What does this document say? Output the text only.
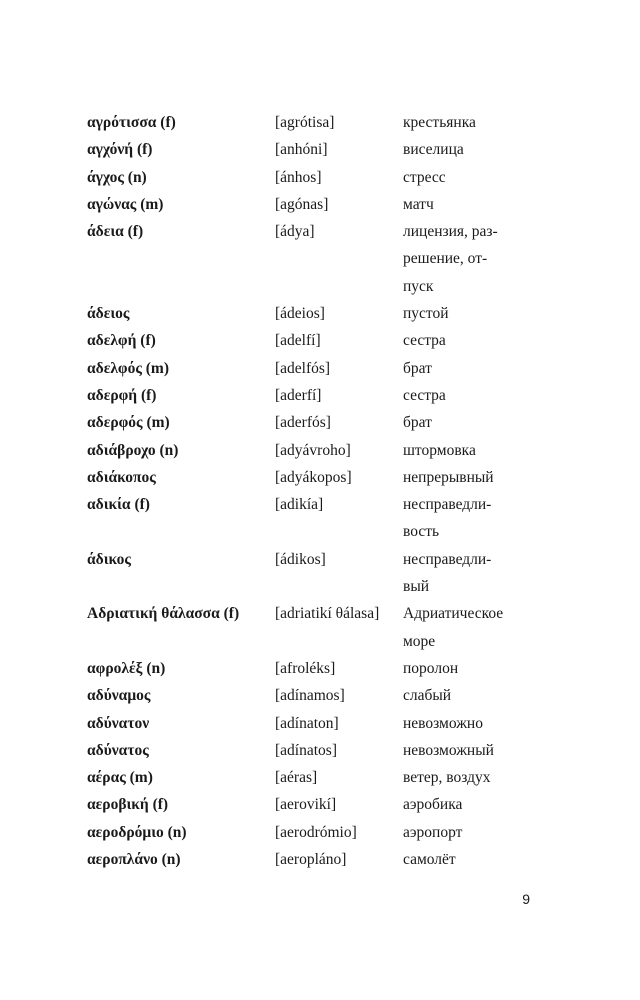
αγρότισσα (f)	[agrótisa]	крестьянка
αγχόνή (f)	[anhóni]	виселица
άγχος (n)	[ánhos]	стресс
αγώνας (m)	[agónas]	матч
άδεια (f)	[ádya]	лицензия, раз-
решение, от-
пуск
άδειος	[ádeios]	пустой
αδελφή (f)	[adelfí]	сестра
αδελφός (m)	[adelfós]	брат
αδερφή (f)	[aderfí]	сестра
αδερφός (m)	[aderfós]	брат
αδιάβροχο (n)	[adyávroho]	штормовка
αδιάκοπος	[adyákopos]	непрерывный
αδικία (f)	[adikía]	несправедли-
вость
άδικος	[ádikos]	несправедли-
вый
Αδριατική θάλασσα (f)	[adriatikí θálasa]	Адриатическое
море
αφρολέξ (n)	[afroléks]	поролон
αδύναμος	[adínamos]	слабый
αδύνατον	[adínaton]	невозможно
αδύνατος	[adínatos]	невозможный
αέρας (m)	[aéras]	ветер, воздух
αεροβική (f)	[aerovikí]	аэробика
αεροδρόμιο (n)	[aerodrómio]	аэропорт
αεροπλάνο (n)	[aeropláno]	самолёт
9
